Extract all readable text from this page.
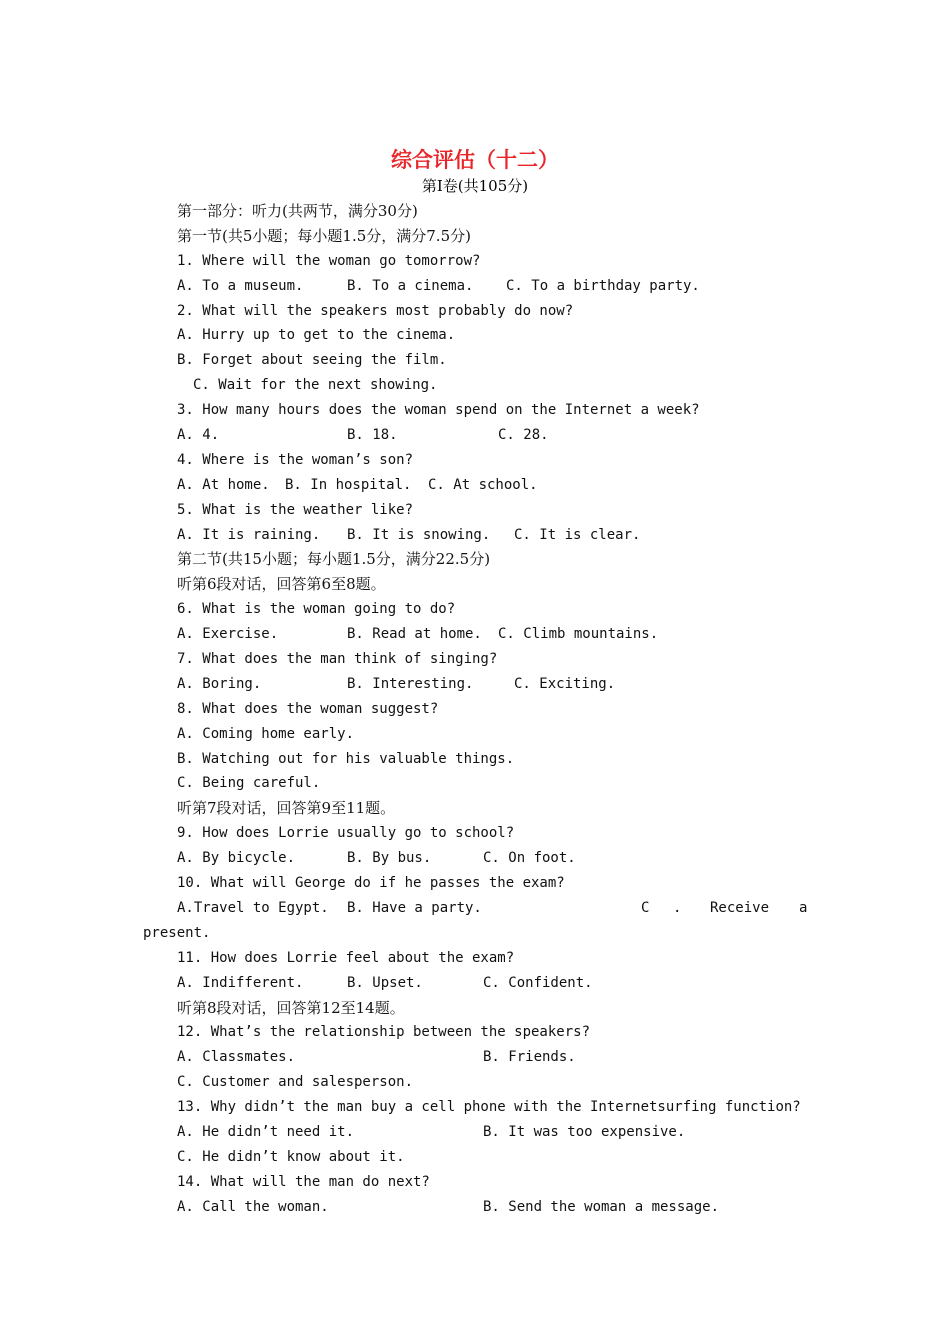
综合评估（十二）
第Ⅰ卷(共105分)
第一部分：听力(共两节，满分30分)
第一节(共5小题；每小题1.5分，满分7.5分)
1. Where will the woman go tomorrow?

A. To a museum.

	B. To a cinema.

C. To a birthday party.

2. What will the speakers most probably do now?
A. Hurry up to get to the cinema.
B. Forget about seeing the film.
C. Wait for the next showing.
3. How many hours does the woman spend on the Internet a week?

A. 4.

	B. 18.

	C. 28.

4. Where is the woman’s son?

A. At home.

B. In hospital.

C. At school.

5. What is the weather like?

A. It is raining.

B. It is snowing.

C. It is clear.

第二节(共15小题；每小题1.5分，满分22.5分)
听第6段对话，回答第6至8题。
6. What is the woman going to do?

A. Exercise.

	B. Read at home.

C. Climb mountains.

7. What does the man think of singing?

A. Boring.

	B. Interesting.

	C. Exciting.

8. What does the woman suggest?
A. Coming home early.
B. Watching out for his valuable things.
C. Being careful.
听第7段对话，回答第9至11题。
9. How does Lorrie usually go to school?

A. By bicycle.

	B. By bus.

	C. On foot.

10. What will George do if he passes the exam?

A.Travel to Egypt.

B. Have a party.

	C

.

Receive

a

present.
11. How does Lorrie feel about the exam?

A. Indifferent.

	B. Upset.

	C. Confident.

听第8段对话，回答第12至14题。
12. What’s the relationship between the speakers?

A. Classmates.

	B. Friends.

C. Customer and salesperson.
13. Why didn’t the man buy a cell phone with the Internetsurfing function?

A. He didn’t need it.

	B. It was too expensive.

C. He didn’t know about it.
14. What will the man do next?

A. Call the woman.

	B. Send the woman a message.
